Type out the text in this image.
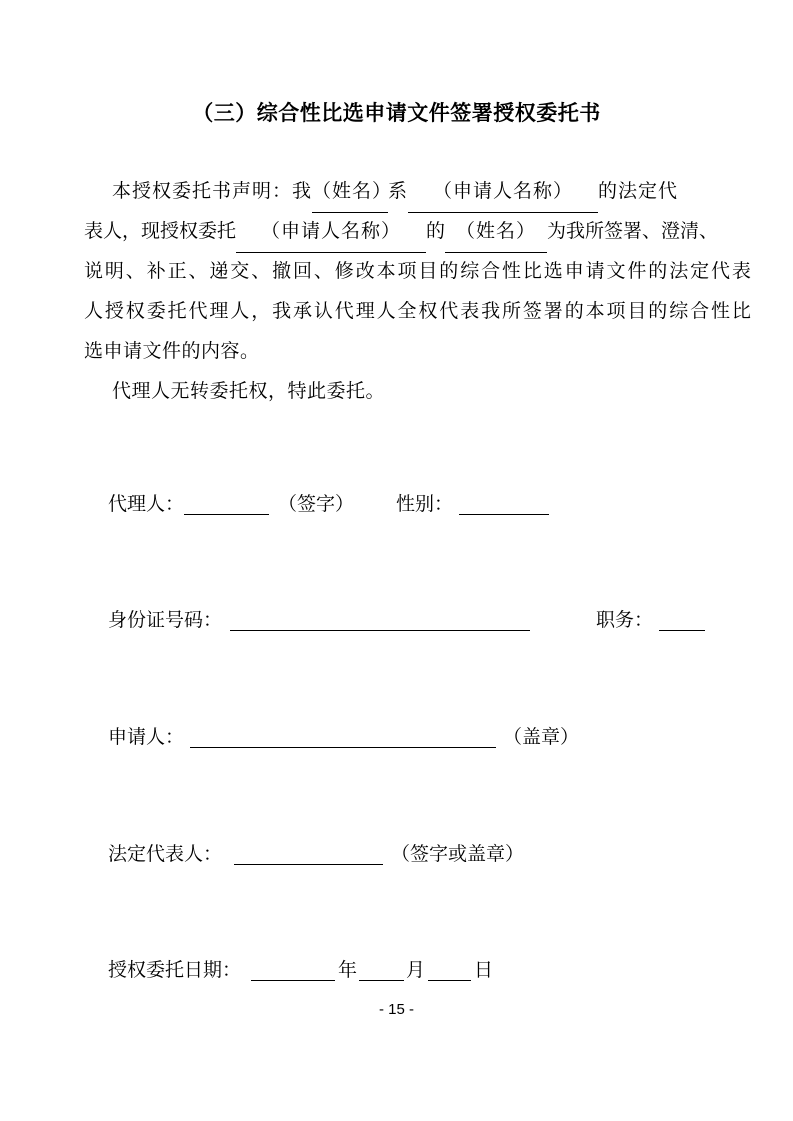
（三）综合性比选申请文件签署授权委托书
本授权委托书声明：我（姓名）系 （申请人名称） 的法定代
表人，现授权委托 （申请人名称） 的 （姓名） 为我所签署、澄清、
说明、补正、递交、撤回、修改本项目的综合性比选申请文件的法定代表
人授权委托代理人，我承认代理人全权代表我所签署的本项目的综合性比
选申请文件的内容。
代理人无转委托权，特此委托。
代理人：	（签字） 性别：
身份证号码：	职务：
申请人：	（盖章）
法定代表人：	（签字或盖章）
授权委托日期：	年	月	日
- 15 -
